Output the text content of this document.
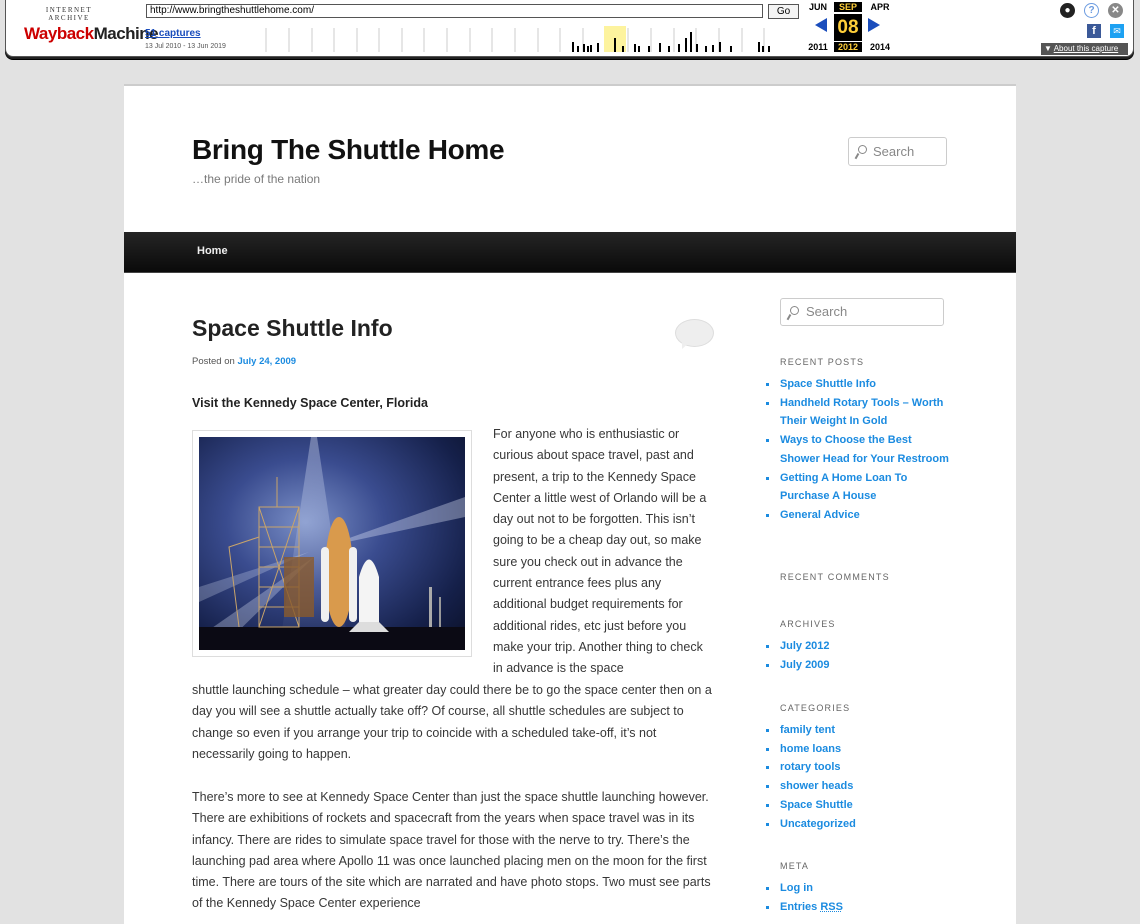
INTERNET ARCHIVE
WaybackMachine
http://www.bringtheshuttlehome.com/	Go
51 captures
13 Jul 2010 - 13 Jun 2019
JUN	SEP	APR
08
2011	2012	2014
●	?	✕
f	✉
▼ About this capture
Bring The Shuttle Home
…the pride of the nation
Search
Home
Space Shuttle Info
Posted on July 24, 2009
Visit the Kennedy Space Center, Florida
For anyone who is enthusiastic or curious about space travel, past and present, a trip to the Kennedy Space Center a little west of Orlando will be a day out not to be forgotten. This isn’t going to be a cheap day out, so make sure you check out in advance the current entrance fees plus any additional budget requirements for additional rides, etc just before you make your trip. Another thing to check in advance is the space
shuttle launching schedule – what greater day could there be to go the space center then on a day you will see a shuttle actually take off? Of course, all shuttle schedules are subject to change so even if you arrange your trip to coincide with a scheduled take-off, it’s not necessarily going to happen.
There’s more to see at Kennedy Space Center than just the space shuttle launching however. There are exhibitions of rockets and spacecraft from the years when space travel was in its infancy. There are rides to simulate space travel for those with the nerve to try. There’s the launching pad area where Apollo 11 was once launched placing men on the moon for the first time. There are tours of the site which are narrated and have photo stops. Two must see parts of the Kennedy Space Center experience
Search
RECENT POSTS
Space Shuttle Info
Handheld Rotary Tools – Worth Their Weight In Gold
Ways to Choose the Best Shower Head for Your Restroom
Getting A Home Loan To Purchase A House
General Advice
RECENT COMMENTS
ARCHIVES
July 2012
July 2009
CATEGORIES
family tent
home loans
rotary tools
shower heads
Space Shuttle
Uncategorized
META
Log in
Entries RSS
